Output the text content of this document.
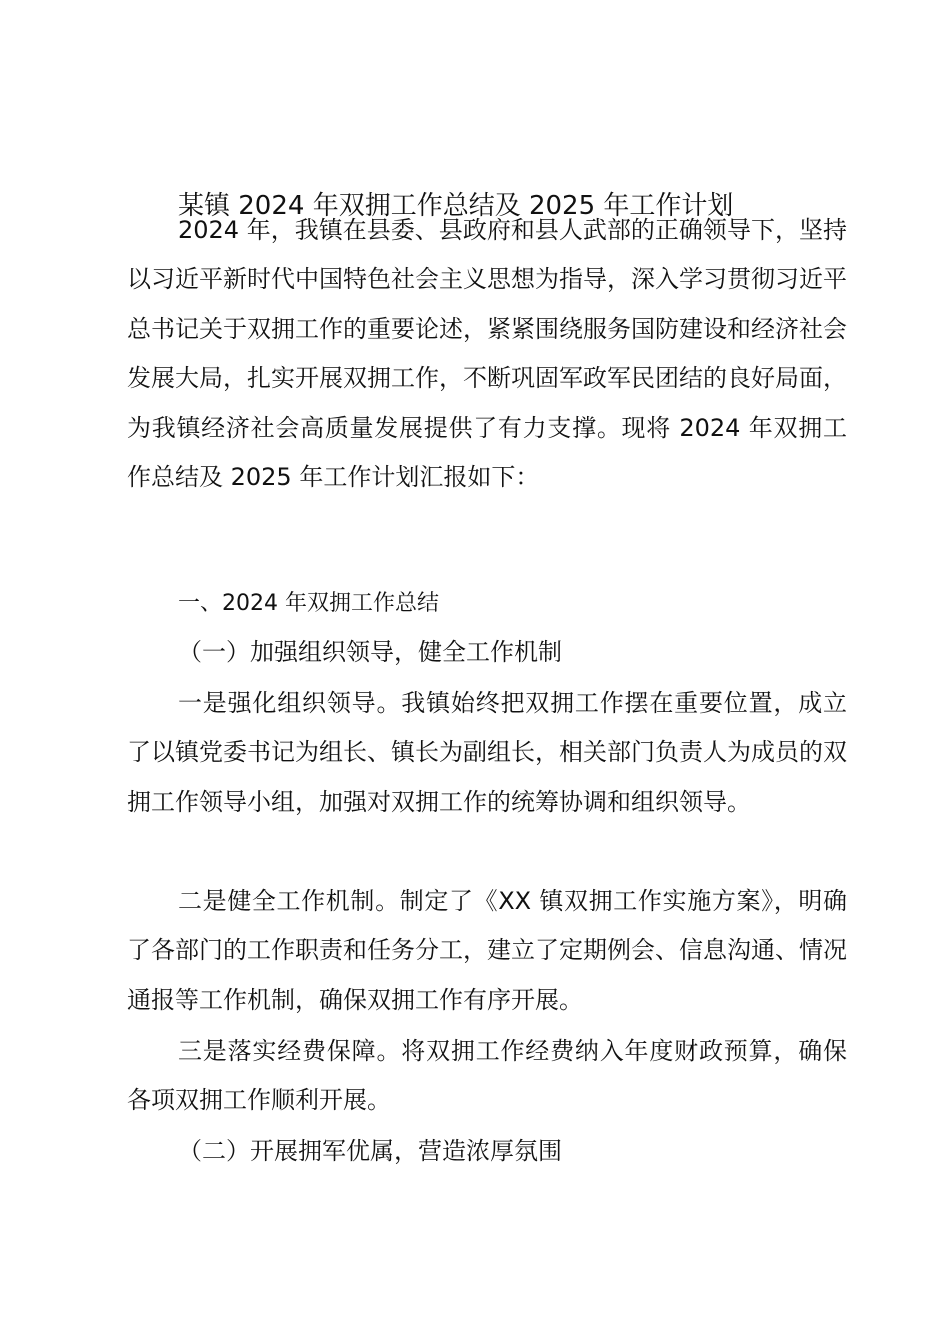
某镇 2024 年双拥工作总结及 2025 年工作计划
2024 年，我镇在县委、县政府和县人武部的正确领导下，坚持以习近平新时代中国特色社会主义思想为指导，深入学习贯彻习近平总书记关于双拥工作的重要论述，紧紧围绕服务国防建设和经济社会发展大局，扎实开展双拥工作，不断巩固军政军民团结的良好局面，为我镇经济社会高质量发展提供了有力支撑。现将 2024 年双拥工作总结及 2025 年工作计划汇报如下：
一、2024 年双拥工作总结
（一）加强组织领导，健全工作机制
一是强化组织领导。我镇始终把双拥工作摆在重要位置，成立了以镇党委书记为组长、镇长为副组长，相关部门负责人为成员的双拥工作领导小组，加强对双拥工作的统筹协调和组织领导。
二是健全工作机制。制定了《XX 镇双拥工作实施方案》，明确了各部门的工作职责和任务分工，建立了定期例会、信息沟通、情况通报等工作机制，确保双拥工作有序开展。
三是落实经费保障。将双拥工作经费纳入年度财政预算，确保各项双拥工作顺利开展。
（二）开展拥军优属，营造浓厚氛围
